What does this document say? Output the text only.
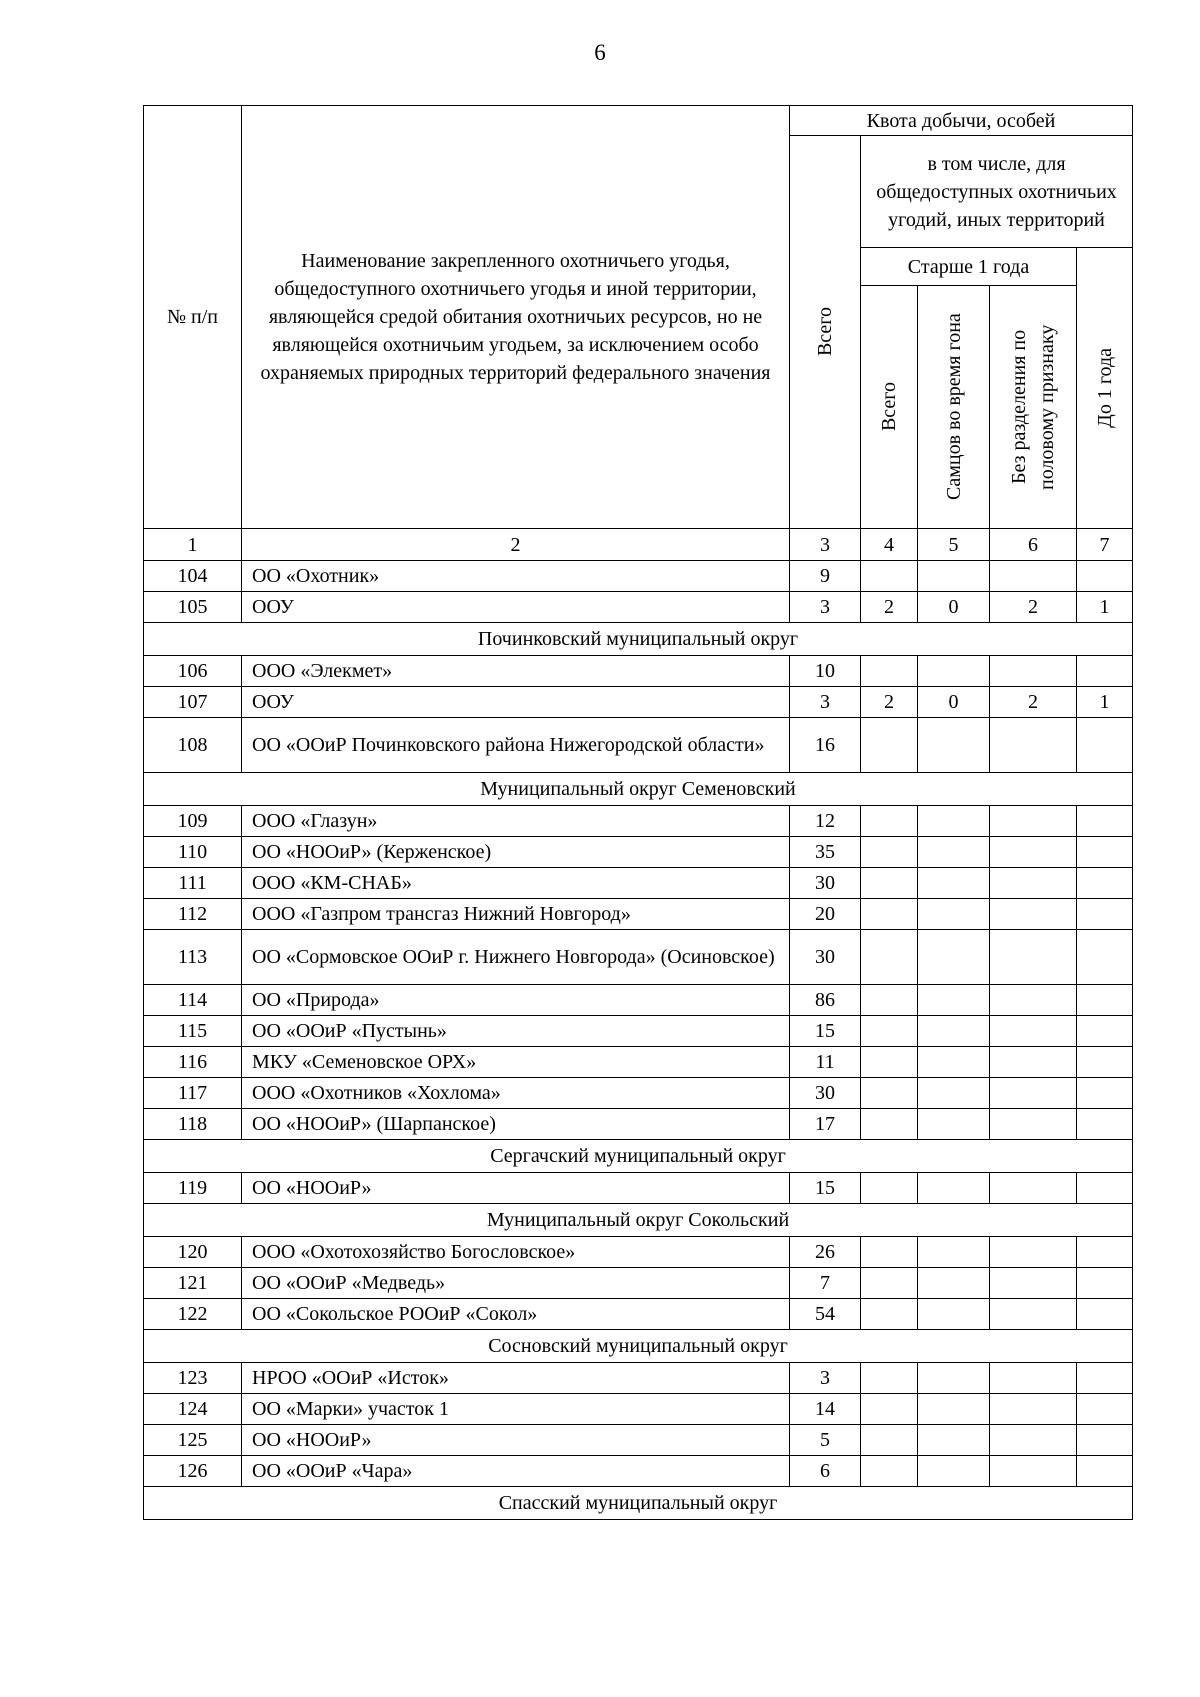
6
№ п/п	Наименование закрепленного охотничьего угодья, общедоступного охотничьего угодья и иной территории, являющейся средой обитания охотничьих ресурсов, но не являющейся охотничьим угодьем, за исключением особо охраняемых природных территорий федерального значения	Квота добычи, особей				

		Всего	в том числе, для общедоступных охотничьих угодий, иных территорий			
			Старше 1 года			До 1 года

			Всего	Самцов во время гона	Без разделения по половому признаку	

1	2	3	4	5	6	7
104	ОО «Охотник»	9				
105	ООУ	3	2	0	2	1
Починковский муниципальный округ						
106	ООО «Элекмет»	10				
107	ООУ	3	2	0	2	1
108	ОО «ООиР Починковского района Нижегородской области»	16				
Муниципальный округ Семеновский						
109	ООО «Глазун»	12				
110	ОО «НООиР» (Керженское)	35				
111	ООО «КМ-СНАБ»	30				
112	ООО «Газпром трансгаз Нижний Новгород»	20				
113	ОО «Сормовское ООиР г. Нижнего Новгорода» (Осиновское)	30				
114	ОО «Природа»	86				
115	ОО «ООиР «Пустынь»	15				
116	МКУ «Семеновское ОРХ»	11				
117	ООО «Охотников «Хохлома»	30				
118	ОО «НООиР» (Шарпанское)	17				
Сергачский муниципальный округ						
119	ОО «НООиР»	15				
Муниципальный округ Сокольский						
120	ООО «Охотохозяйство Богословское»	26				
121	ОО «ООиР «Медведь»	7				
122	ОО «Сокольское РООиР «Сокол»	54				
Сосновский муниципальный округ						
123	НРОО «ООиР «Исток»	3				
124	ОО «Марки» участок 1	14				
125	ОО «НООиР»	5				
126	ОО «ООиР «Чара»	6				
Спасский муниципальный округ						
